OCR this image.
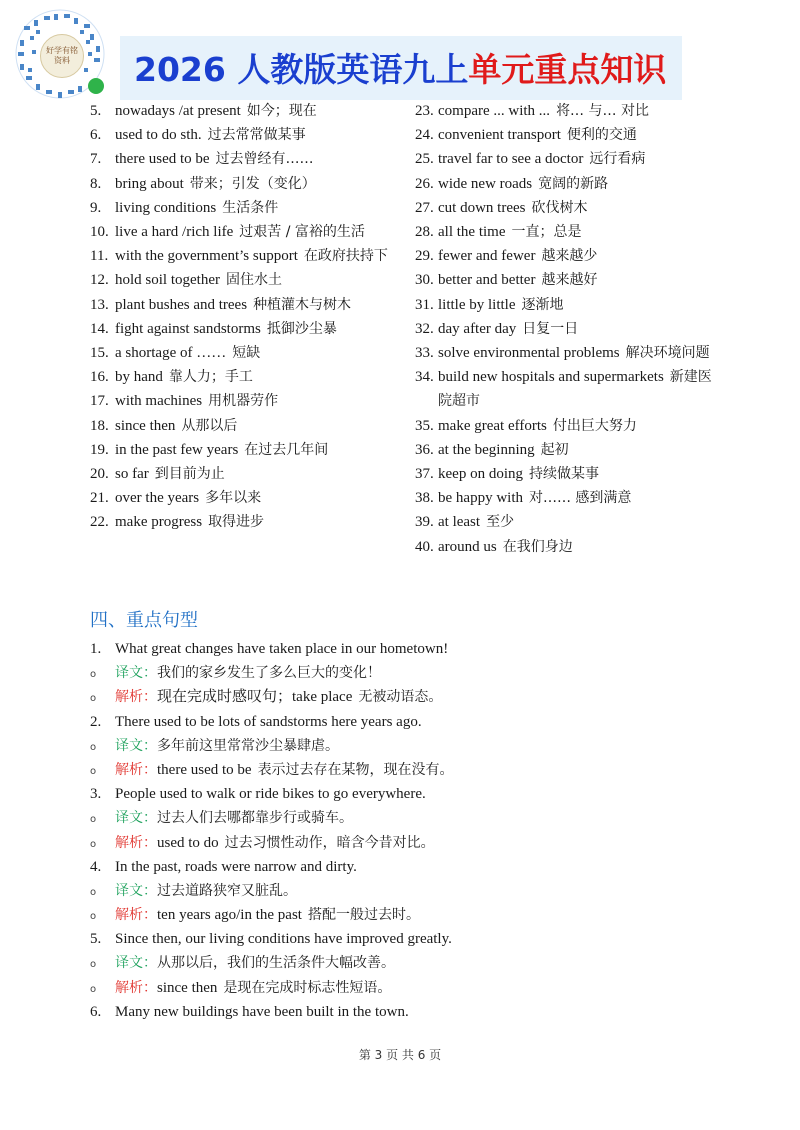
好学有铭
资料 2026 人教版英语九上单元重点知识
5. nowadays /at present 如今；现在
6. used to do sth. 过去常常做某事
7. there used to be 过去曾经有……
8. bring about 带来；引发（变化）
9. living conditions 生活条件
10. live a hard /rich life 过艰苦 / 富裕的生活
11. with the government’s support 在政府扶持下
12. hold soil together 固住水土
13. plant bushes and trees 种植灌木与树木
14. fight against sandstorms 抵御沙尘暴
15. a shortage of …… 短缺
16. by hand 靠人力；手工
17. with machines 用机器劳作
18. since then 从那以后
19. in the past few years 在过去几年间
20. so far 到目前为止
21. over the years 多年以来
22. make progress 取得进步
23. compare ... with ... 将… 与… 对比
24. convenient transport 便利的交通
25. travel far to see a doctor 远行看病
26. wide new roads 宽阔的新路
27. cut down trees 砍伐树木
28. all the time 一直；总是
29. fewer and fewer 越来越少
30. better and better 越来越好
31. little by little 逐渐地
32. day after day 日复一日
33. solve environmental problems 解决环境问题
34. build new hospitals and supermarkets 新建医院超市
35. make great efforts 付出巨大努力
36. at the beginning 起初
37. keep on doing 持续做某事
38. be happy with 对…… 感到满意
39. at least 至少
40. around us 在我们身边
四、重点句型
1. What great changes have taken place in our hometown!
o	译文： 我们的家乡发生了多么巨大的变化！
o	解析： 现在完成时感叹句；take place 无被动语态。
2. There used to be lots of sandstorms here years ago.
o	译文： 多年前这里常常沙尘暴肆虐。
o	解析： there used to be 表示过去存在某物，现在没有。
3. People used to walk or ride bikes to go everywhere.
o	译文： 过去人们去哪都靠步行或骑车。
o	解析： used to do 过去习惯性动作，暗含今昔对比。
4. In the past, roads were narrow and dirty.
o	译文： 过去道路狭窄又脏乱。
o	解析： ten years ago/in the past 搭配一般过去时。
5. Since then, our living conditions have improved greatly.
o	译文： 从那以后，我们的生活条件大幅改善。
o	解析： since then 是现在完成时标志性短语。
6. Many new buildings have been built in the town.
第 3 页 共 6 页
